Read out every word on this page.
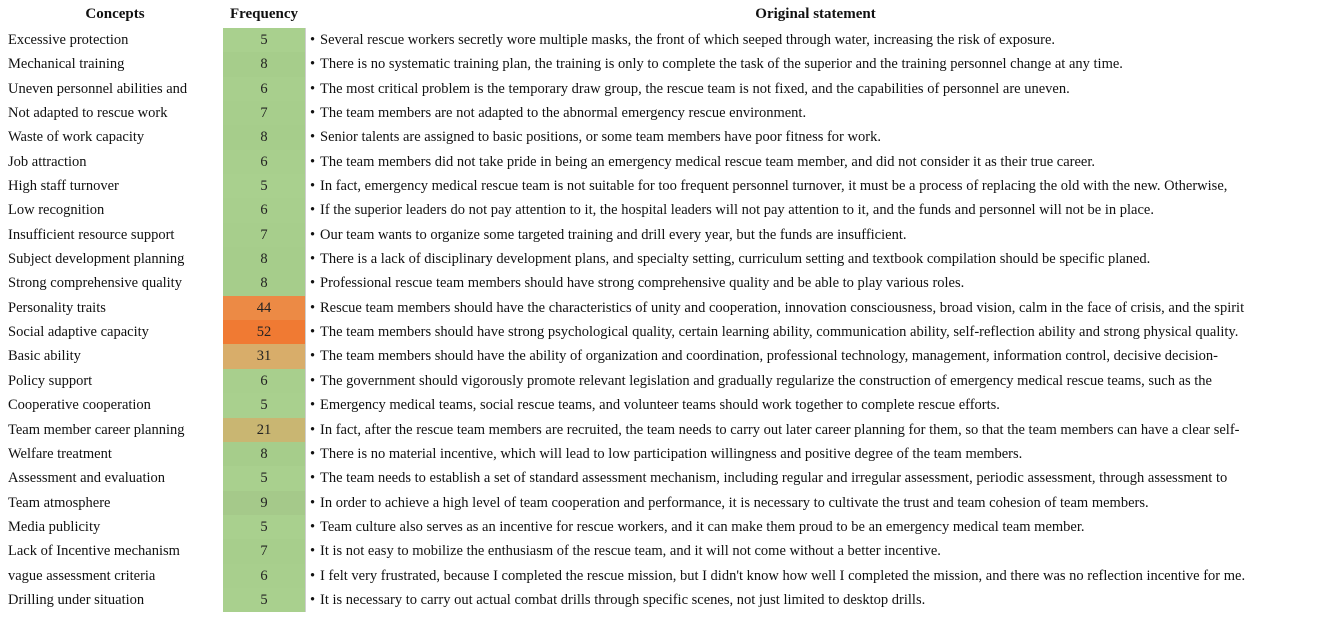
Concepts	Frequency	Original statement
Excessive protection	5	• Several rescue workers secretly wore multiple masks, the front of which seeped through water, increasing the risk of exposure.
Mechanical training	8	• There is no systematic training plan, the training is only to complete the task of the superior and the training personnel change at any time.
Uneven personnel abilities and	6	• The most critical problem is the temporary draw group, the rescue team is not fixed, and the capabilities of personnel are uneven.
Not adapted to rescue work	7	• The team members are not adapted to the abnormal emergency rescue environment.
Waste of work capacity	8	• Senior talents are assigned to basic positions, or some team members have poor fitness for work.
Job attraction	6	• The team members did not take pride in being an emergency medical rescue team member, and did not consider it as their true career.
High staff turnover	5	• In fact, emergency medical rescue team is not suitable for too frequent personnel turnover, it must be a process of replacing the old with the new. Otherwise,
Low recognition	6	• If the superior leaders do not pay attention to it, the hospital leaders will not pay attention to it, and the funds and personnel will not be in place.
Insufficient resource support	7	• Our team wants to organize some targeted training and drill every year, but the funds are insufficient.
Subject development planning	8	• There is a lack of disciplinary development plans, and specialty setting, curriculum setting and textbook compilation should be specific planed.
Strong comprehensive quality	8	• Professional rescue team members should have strong comprehensive quality and be able to play various roles.
Personality traits	44	• Rescue team members should have the characteristics of unity and cooperation, innovation consciousness, broad vision, calm in the face of crisis, and the spirit
Social adaptive capacity	52	• The team members should have strong psychological quality, certain learning ability, communication ability, self-reflection ability and strong physical quality.
Basic ability	31	• The team members should have the ability of organization and coordination, professional technology, management, information control, decisive decision-
Policy support	6	• The government should vigorously promote relevant legislation and gradually regularize the construction of emergency medical rescue teams, such as the
Cooperative cooperation	5	• Emergency medical teams, social rescue teams, and volunteer teams should work together to complete rescue efforts.
Team member career planning	21	• In fact, after the rescue team members are recruited, the team needs to carry out later career planning for them, so that the team members can have a clear self-
Welfare treatment	8	• There is no material incentive, which will lead to low participation willingness and positive degree of the team members.
Assessment and evaluation	5	• The team needs to establish a set of standard assessment mechanism, including regular and irregular assessment, periodic assessment, through assessment to
Team atmosphere	9	• In order to achieve a high level of team cooperation and performance, it is necessary to cultivate the trust and team cohesion of team members.
Media publicity	5	• Team culture also serves as an incentive for rescue workers, and it can make them proud to be an emergency medical team member.
Lack of Incentive mechanism	7	• It is not easy to mobilize the enthusiasm of the rescue team, and it will not come without a better incentive.
vague assessment criteria	6	• I felt very frustrated, because I completed the rescue mission, but I didn't know how well I completed the mission, and there was no reflection incentive for me.
Drilling under situation	5	• It is necessary to carry out actual combat drills through specific scenes, not just limited to desktop drills.
